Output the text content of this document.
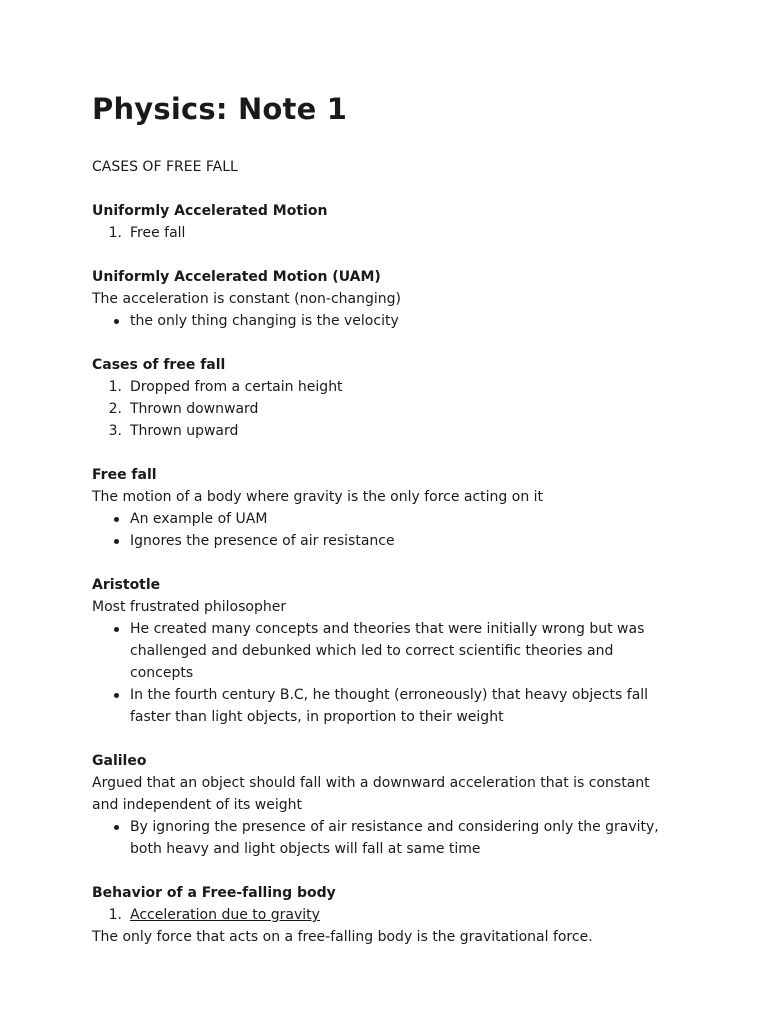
Physics: Note 1

CASES OF FREE FALL

Uniformly Accelerated Motion

1. Free fall

Uniformly Accelerated Motion (UAM)

The acceleration is constant (non-changing)

the only thing changing is the velocity

Cases of free fall

1. Dropped from a certain height
2. Thrown downward
3. Thrown upward

Free fall

The motion of a body where gravity is the only force acting on it

An example of UAM
Ignores the presence of air resistance

Aristotle

Most frustrated philosopher

He created many concepts and theories that were initially wrong but was challenged and debunked which led to correct scientific theories and concepts
In the fourth century B.C, he thought (erroneously) that heavy objects fall faster than light objects, in proportion to their weight

Galileo

Argued that an object should fall with a downward acceleration that is constant and independent of its weight

By ignoring the presence of air resistance and considering only the gravity, both heavy and light objects will fall at same time

Behavior of a Free-falling body

1. Acceleration due to gravity

The only force that acts on a free-falling body is the gravitational force.
